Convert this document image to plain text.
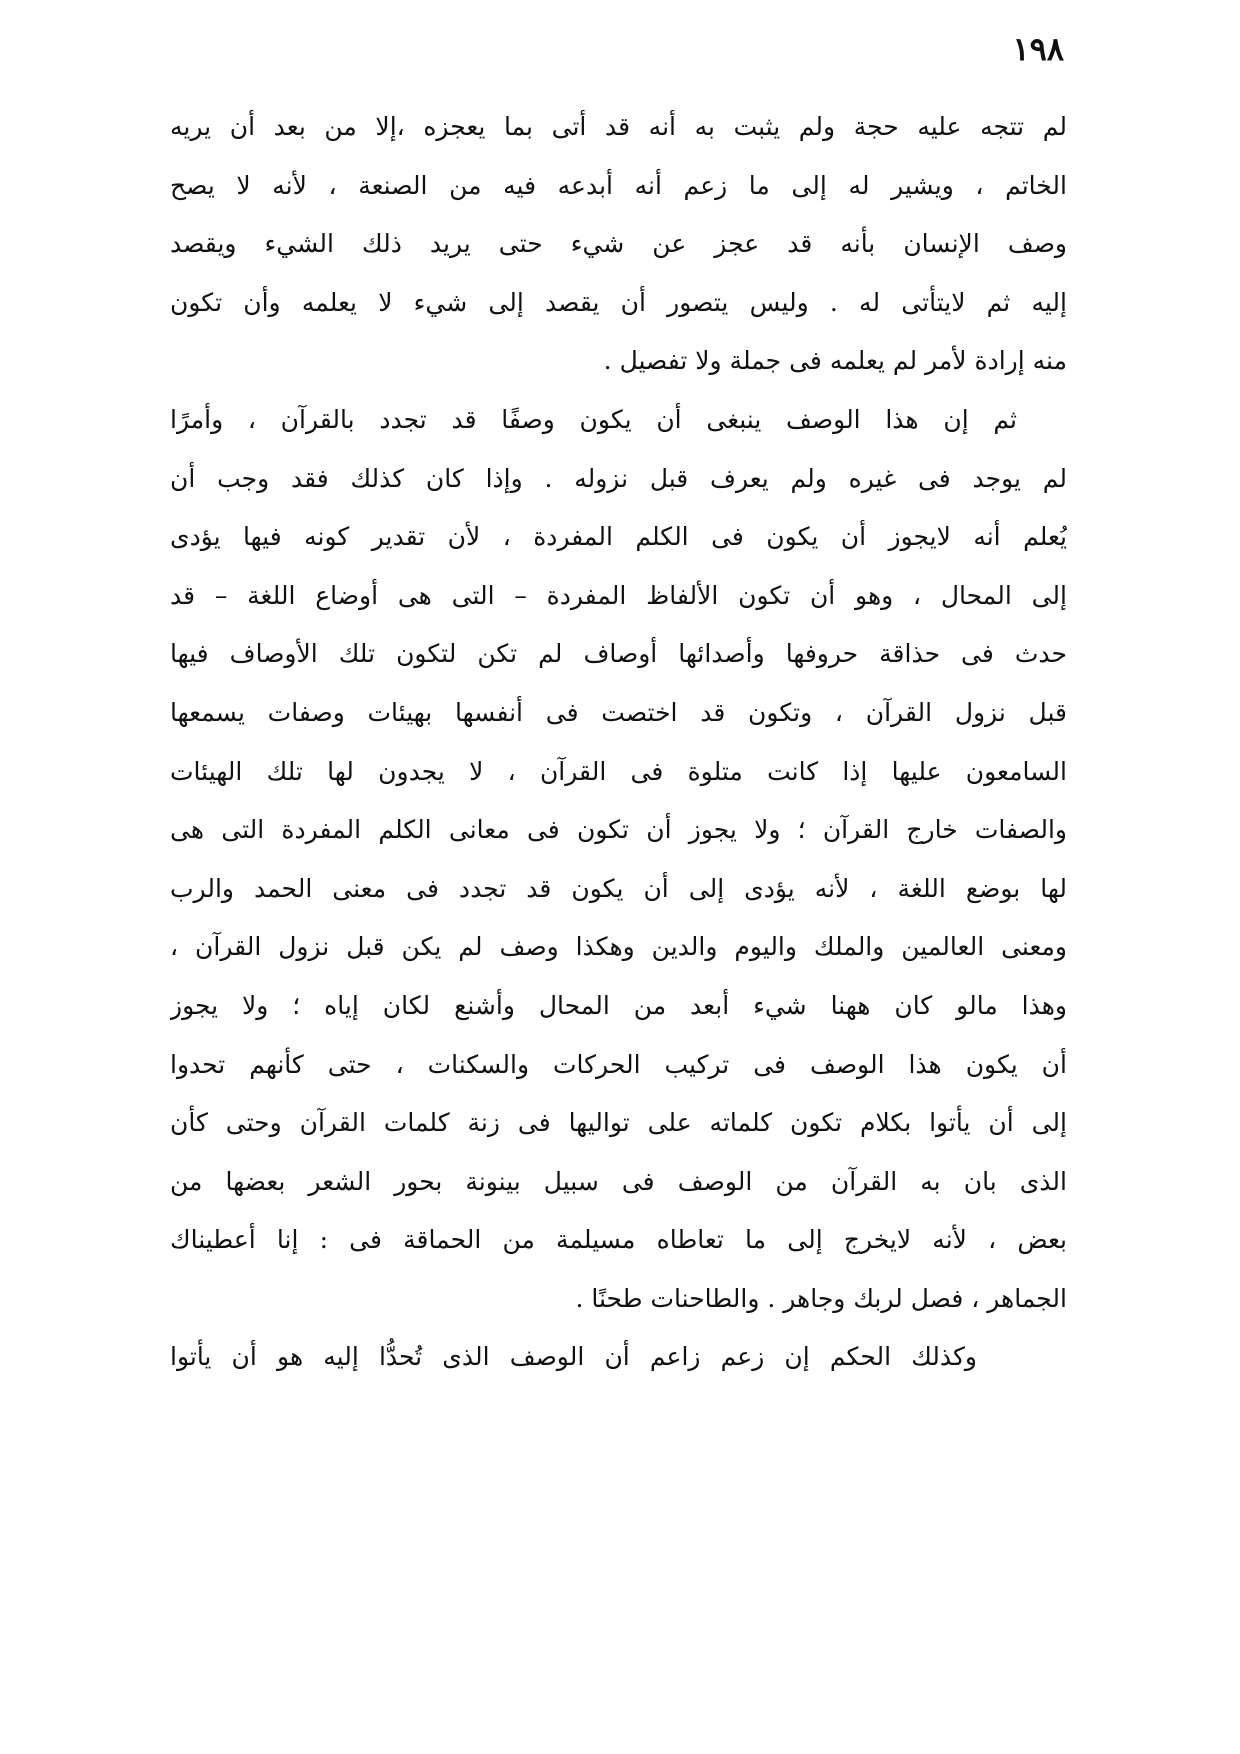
١٩٨
لم تتجه عليه حجة ولم يثبت به أنه قد أتى بما يعجزه ،إلا من بعد أن يريه
الخاتم ، ويشير له إلى ما زعم أنه أبدعه فيه من الصنعة ، لأنه لا يصح
وصف الإنسان بأنه قد عجز عن شيء حتى يريد ذلك الشيء ويقصد
إليه ثم لايتأتى له . وليس يتصور أن يقصد إلى شيء لا يعلمه وأن تكون
منه إرادة لأمر لم يعلمه فى جملة ولا تفصيل .
ثم إن هذا الوصف ينبغى أن يكون وصفًا قد تجدد بالقرآن ، وأمرًا
لم يوجد فى غيره ولم يعرف قبل نزوله . وإذا كان كذلك فقد وجب أن
يُعلم أنه لايجوز أن يكون فى الكلم المفردة ، لأن تقدير كونه فيها يؤدى
إلى المحال ، وهو أن تكون الألفاظ المفردة – التى هى أوضاع اللغة – قد
حدث فى حذاقة حروفها وأصدائها أوصاف لم تكن لتكون تلك الأوصاف فيها
قبل نزول القرآن ، وتكون قد اختصت فى أنفسها بهيئات وصفات يسمعها
السامعون عليها إذا كانت متلوة فى القرآن ، لا يجدون لها تلك الهيئات
والصفات خارج القرآن ؛ ولا يجوز أن تكون فى معانى الكلم المفردة التى هى
لها بوضع اللغة ، لأنه يؤدى إلى أن يكون قد تجدد فى معنى الحمد والرب
ومعنى العالمين والملك واليوم والدين وهكذا وصف لم يكن قبل نزول القرآن ،
وهذا مالو كان ههنا شيء أبعد من المحال وأشنع لكان إياه ؛ ولا يجوز
أن يكون هذا الوصف فى تركيب الحركات والسكنات ، حتى كأنهم تحدوا
إلى أن يأتوا بكلام تكون كلماته على تواليها فى زنة كلمات القرآن وحتى كأن
الذى بان به القرآن من الوصف فى سبيل بينونة بحور الشعر بعضها من
بعض ، لأنه لايخرج إلى ما تعاطاه مسيلمة من الحماقة فى : إنا أعطيناك
الجماهر ، فصل لربك وجاهر . والطاحنات طحنًا .
وكذلك الحكم إن زعم زاعم أن الوصف الذى تُحدُّا إليه هو أن يأتوا
